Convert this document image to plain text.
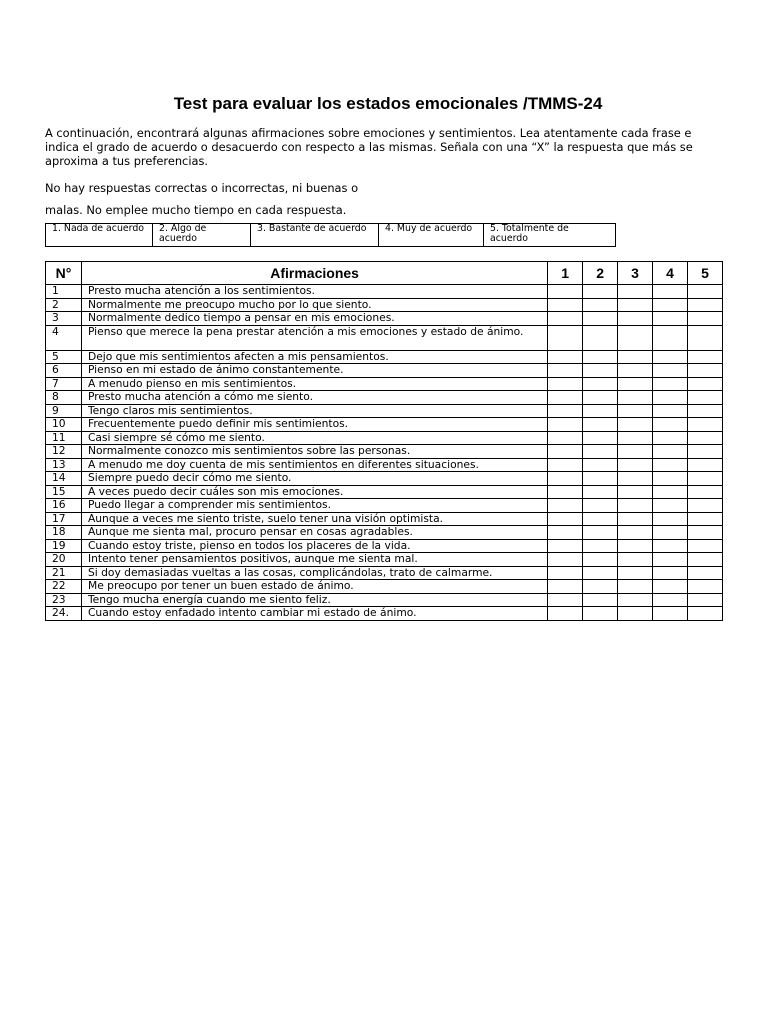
Test para evaluar los estados emocionales /TMMS-24
A continuación, encontrará algunas afirmaciones sobre emociones y sentimientos. Lea atentamente cada frase e indica el grado de acuerdo o desacuerdo con respecto a las mismas. Señala con una “X” la respuesta que más se aproxima a tus preferencias.
No hay respuestas correctas o incorrectas, ni buenas o
malas. No emplee mucho tiempo en cada respuesta.
1. Nada de acuerdo	2. Algo de acuerdo	3. Bastante de acuerdo	4. Muy de acuerdo	5. Totalmente de acuerdo
N°	Afirmaciones	1	2	3	4	5
1	Presto mucha atención a los sentimientos.					
2	Normalmente me preocupo mucho por lo que siento.					
3	Normalmente dedico tiempo a pensar en mis emociones.					
4	Pienso que merece la pena prestar atención a mis emociones y estado de ánimo.					
5	Dejo que mis sentimientos afecten a mis pensamientos.					
6	Pienso en mi estado de ánimo constantemente.					
7	A menudo pienso en mis sentimientos.					
8	Presto mucha atención a cómo me siento.					
9	Tengo claros mis sentimientos.					
10	Frecuentemente puedo definir mis sentimientos.					
11	Casi siempre sé cómo me siento.					
12	Normalmente conozco mis sentimientos sobre las personas.					
13	A menudo me doy cuenta de mis sentimientos en diferentes situaciones.					
14	Siempre puedo decir cómo me siento.					
15	A veces puedo decir cuáles son mis emociones.					
16	Puedo llegar a comprender mis sentimientos.					
17	Aunque a veces me siento triste, suelo tener una visión optimista.					
18	Aunque me sienta mal, procuro pensar en cosas agradables.					
19	Cuando estoy triste, pienso en todos los placeres de la vida.					
20	Intento tener pensamientos positivos, aunque me sienta mal.					
21	Si doy demasiadas vueltas a las cosas, complicándolas, trato de calmarme.					
22	Me preocupo por tener un buen estado de ánimo.					
23	Tengo mucha energía cuando me siento feliz.					
24.	Cuando estoy enfadado intento cambiar mi estado de ánimo.					
